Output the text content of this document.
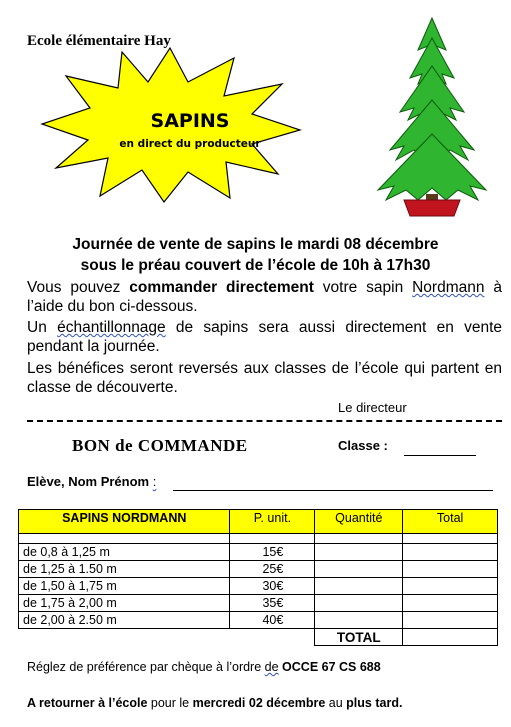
Ecole élémentaire Hay
SAPINS
en direct du producteur
Journée de vente de sapins le mardi 08 décembre
sous le préau couvert de l’école de 10h à 17h30
Vous pouvez commander directement votre sapin Nordmann à l’aide du bon ci-dessous.
Un échantillonnage de sapins sera aussi directement en vente pendant la journée.
Les bénéfices seront reversés aux classes de l’école qui partent en classe de découverte.
Le directeur
BON de COMMANDE	Classe :
Elève, Nom Prénom :
SAPINS NORDMANN	P. unit.	Quantité	Total

de 0,8 à 1,25 m	15€		
de 1,25 à 1.50 m	25€		
de 1,50 à 1,75 m	30€		
de 1,75 à 2,00 m	35€		
de 2,00 à 2.50 m	40€		
		TOTAL	
Réglez de préférence par chèque à l’ordre de OCCE 67 CS 688
A retourner à l’école pour le mercredi 02 décembre au plus tard.
